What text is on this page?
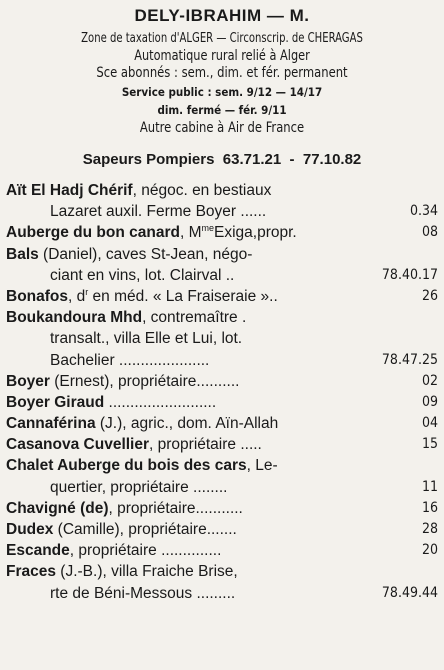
DELY-IBRAHIM — M.
Zone de taxation d'ALGER — Circonscrip. de CHERAGAS
Automatique rural relié à Alger
Sce abonnés : sem., dim. et fér. permanent
Service public : sem. 9/12 — 14/17
dim. fermé — fér. 9/11
Autre cabine à Air de France
Sapeurs Pompiers 63.71.21 - 77.10.82
Aït El Hadj Chérif, négoc. en bestiaux
Lazaret auxil. Ferme Boyer ......	0.34
Auberge du bon canard, $M^{me}Exiga,propr$.	08
Bals (Daniel), caves St-Jean, négo-
ciant en vins, lot. Clairval ..	78.40.17
Bonafos, $d^r$ en méd. « La Fraiseraie »..	26
Boukandoura Mhd, contremaître .
transalt., villa Elle et Lui, lot.
Bachelier .....................	78.47.25
Boyer (Ernest), propriétaire..........	02
Boyer Giraud .........................	09
Cannaférina (J.), agric., dom. Aïn-Allah	04
Casanova Cuvellier, propriétaire .....	15
Chalet Auberge du bois des cars, Le-
quertier, propriétaire ........	11
Chavigné (de), propriétaire...........	16
Dudex (Camille), propriétaire.......	28
Escande, propriétaire ..............	20
Fraces (J.-B.), villa Fraiche Brise,
rte de Béni-Messous .........	78.49.44
